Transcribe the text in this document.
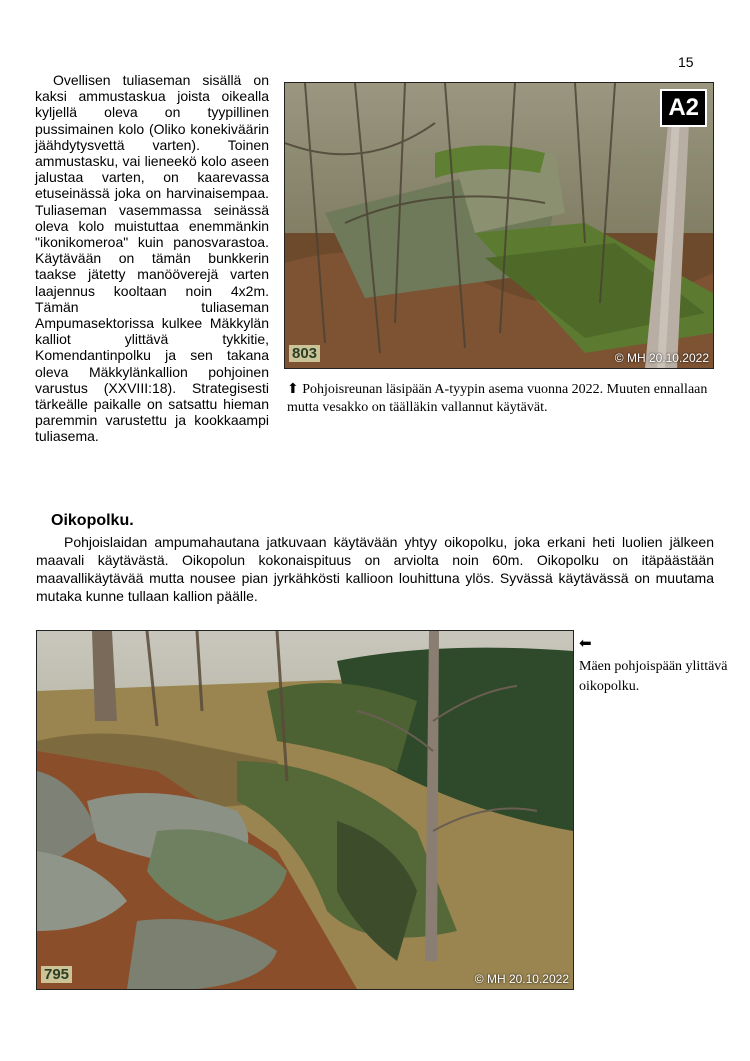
15

Ovellisen tuliaseman sisällä on kaksi ammustaskua joista oikealla kyljellä oleva on tyypillinen pussimainen kolo (Oliko konekiväärin jäähdytysvettä varten). Toinen ammustasku, vai lieneekö kolo aseen jalustaa varten, on kaarevassa etuseinässä joka on harvinaisempaa. Tuliaseman vasemmassa seinässä oleva kolo muistuttaa enemmänkin "ikonikomeroa" kuin panosvarastoa. Käytävään on tämän bunkkerin taakse jätetty manööverejä varten laajennus kooltaan noin 4x2m. Tämän tuliaseman Ampumasektorissa kulkee Mäkkylän kalliot ylittävä tykkitie, Komendantinpolku ja sen takana oleva Mäkkylänkallion pohjoinen varustus (XXVIII:18). Strategisesti tärkeälle paikalle on satsattu hieman paremmin varustettu ja kookkaampi tuliasema.

A2
803	© MH 20.10.2022

⬆ Pohjoisreunan läsipään A-tyypin asema vuonna 2022. Muuten ennallaan mutta vesakko on täälläkin vallannut käytävät.

Oikopolku.

Pohjoislaidan ampumahautana jatkuvaan käytävään yhtyy oikopolku, joka erkani heti luolien jälkeen maavali käytävästä. Oikopolun kokonaispituus on arviolta noin 60m. Oikopolku on itäpäästään maavallikäytävää mutta nousee pian jyrkähkösti kallioon louhittuna ylös. Syvässä käytävässä on muutama mutaka kunne tullaan kallion päälle.

795	© MH 20.10.2022
⬅

Mäen pohjoispään ylittävä oikopolku.
